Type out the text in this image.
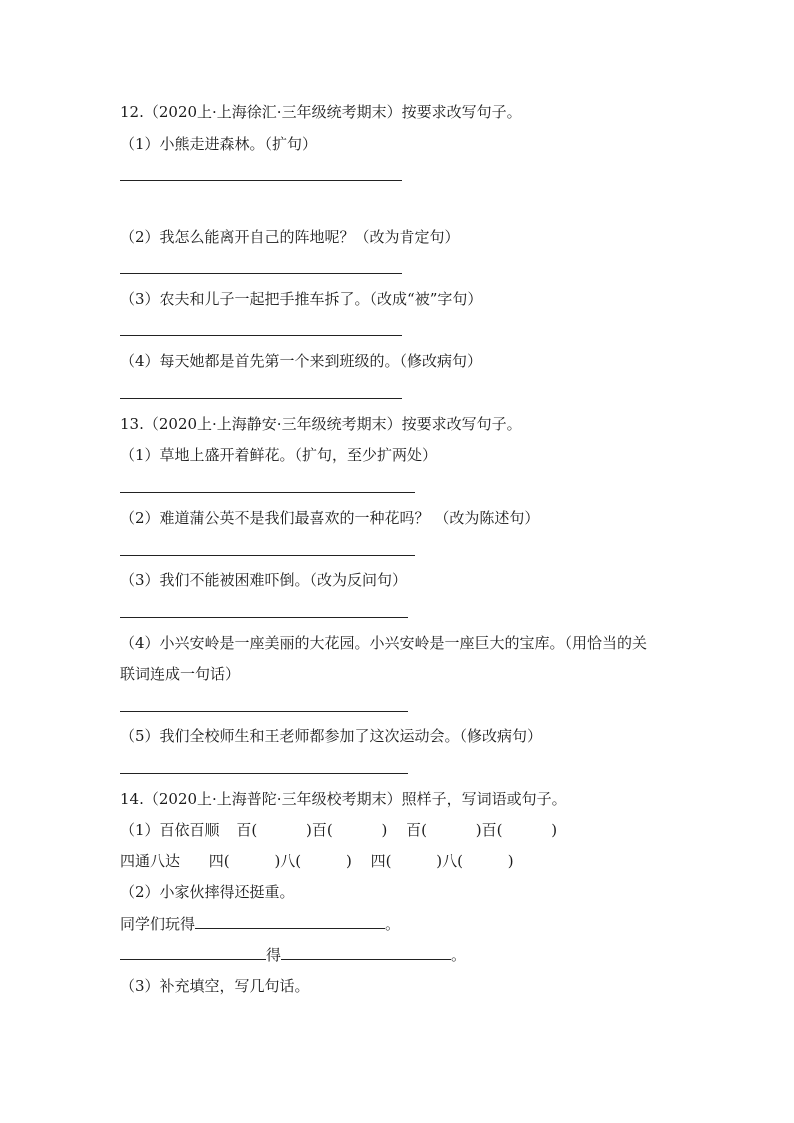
12.（2020上·上海徐汇·三年级统考期末）按要求改写句子。
（1）小熊走进森林。（扩句）
（2）我怎么能离开自己的阵地呢？（改为肯定句）
（3）农夫和儿子一起把手推车拆了。（改成“被”字句）
（4）每天她都是首先第一个来到班级的。（修改病句）
13.（2020上·上海静安·三年级统考期末）按要求改写句子。
（1）草地上盛开着鲜花。（扩句，至少扩两处）
（2）难道蒲公英不是我们最喜欢的一种花吗？ （改为陈述句）
（3）我们不能被困难吓倒。（改为反问句）
（4）小兴安岭是一座美丽的大花园。小兴安岭是一座巨大的宝库。（用恰当的关
联词连成一句话）
（5）我们全校师生和王老师都参加了这次运动会。（修改病句）
14.（2020上·上海普陀·三年级校考期末）照样子，写词语或句子。
（1）百依百顺 百(	)百(	) 百(	)百(	)
四通八达 四(	)八(	) 四(	)八(	)
（2）小家伙摔得还挺重。
同学们玩得	。
得	。
（3）补充填空，写几句话。
